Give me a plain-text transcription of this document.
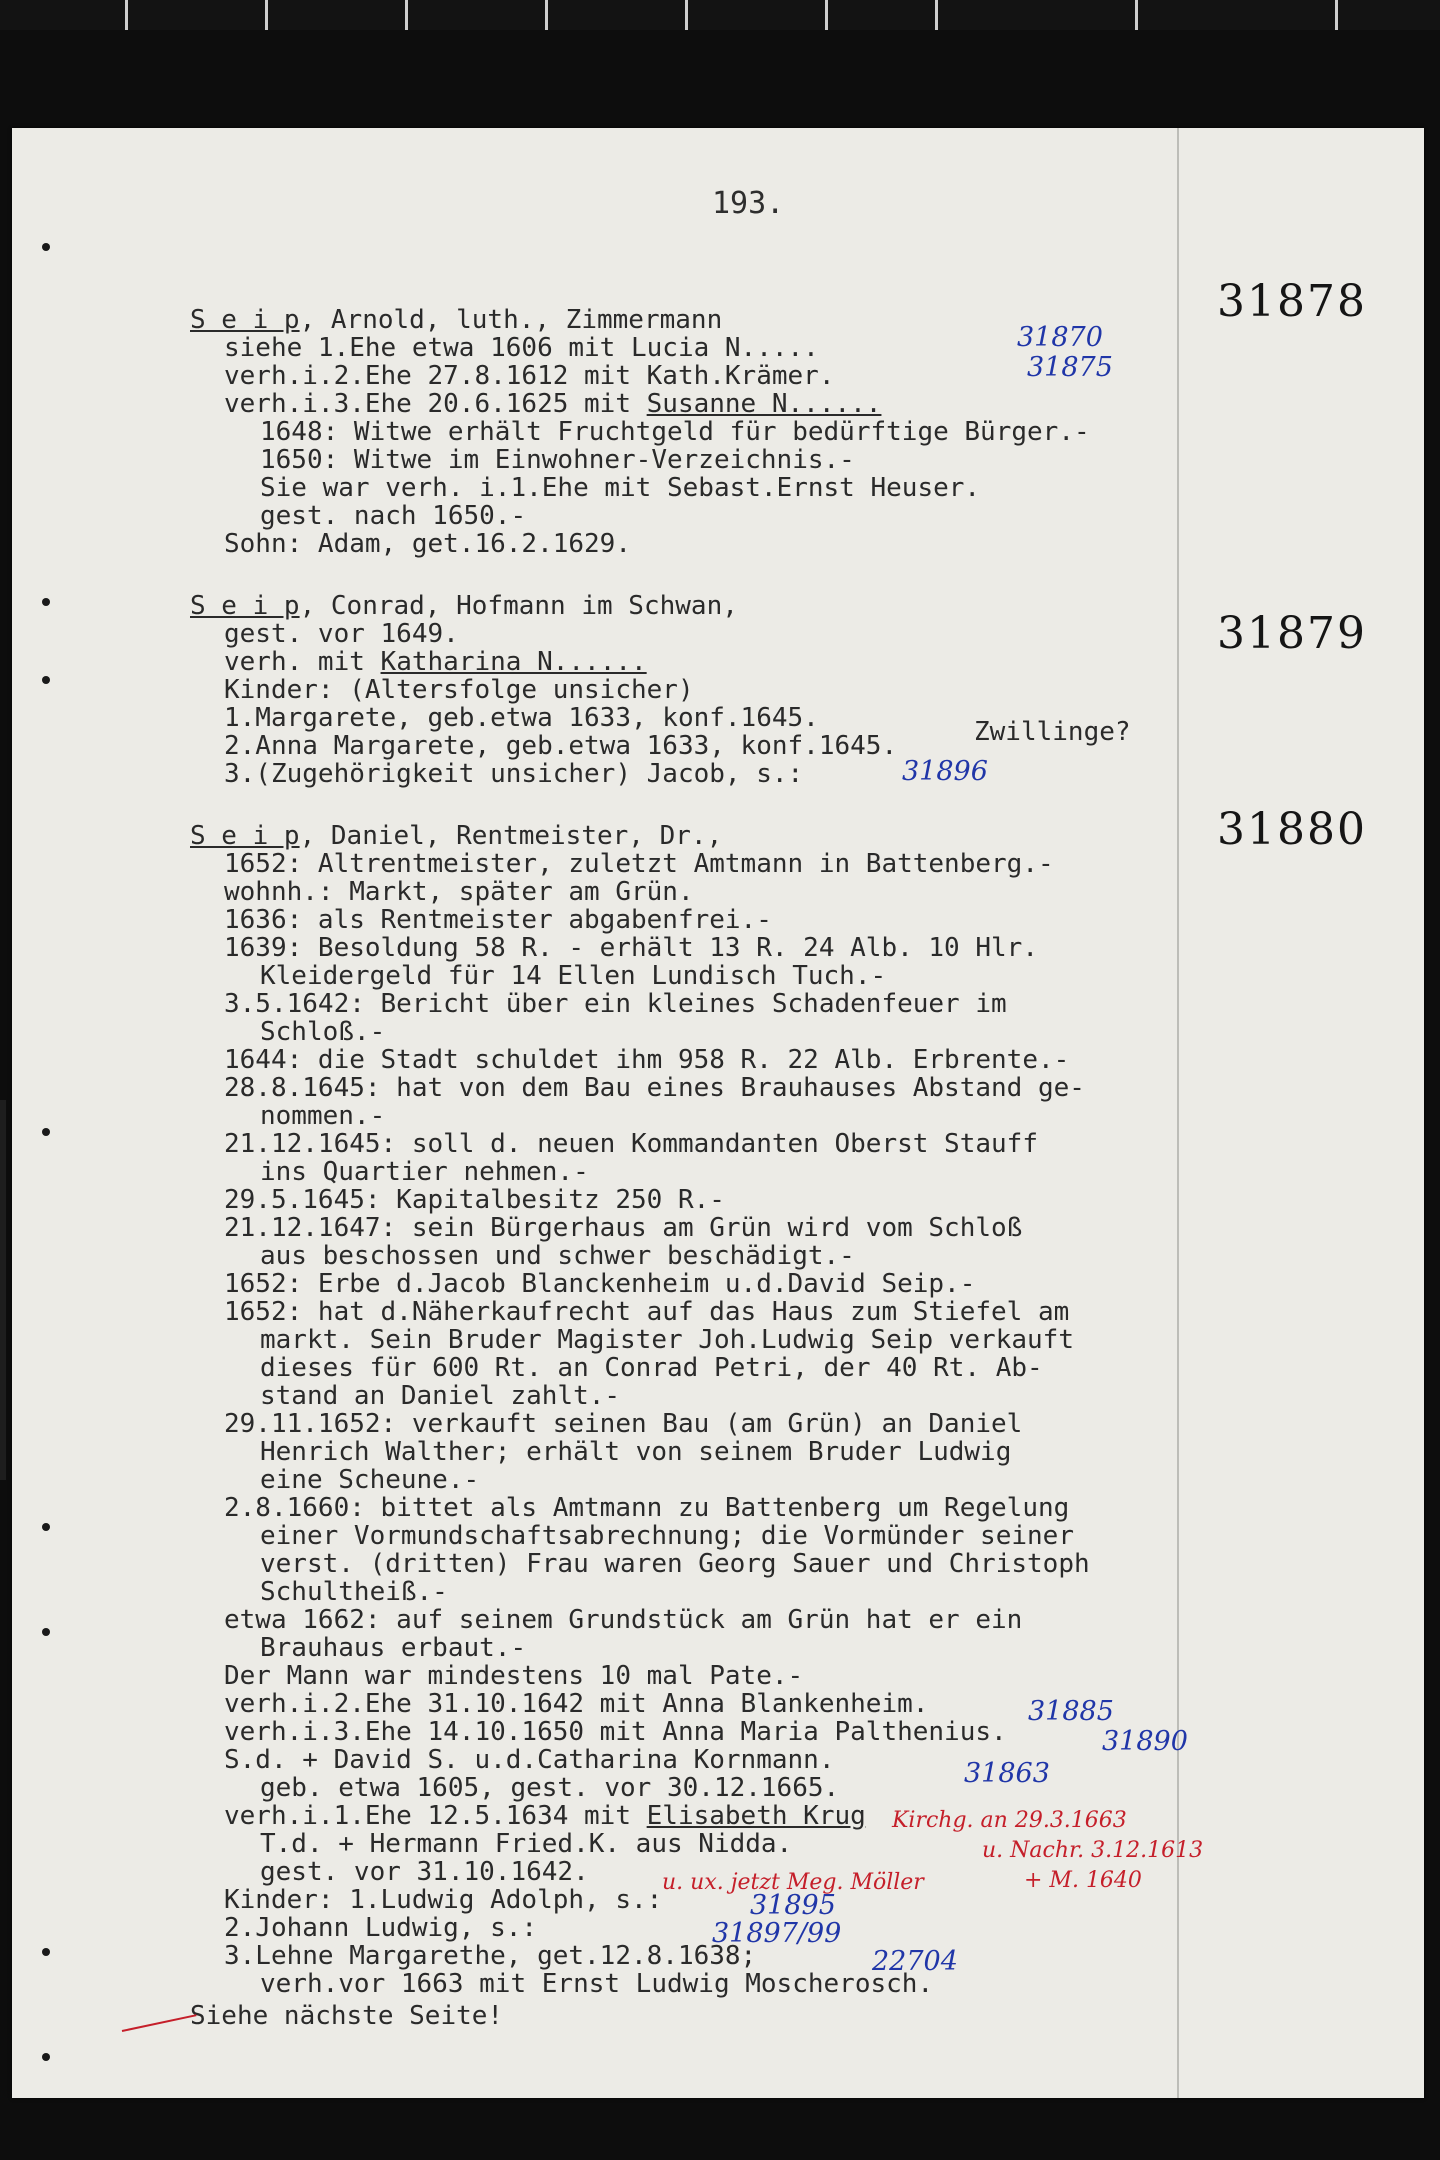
193.
31878
31879
31880
S e i p, Arnold, luth., Zimmermann
siehe 1.Ehe etwa 1606 mit Lucia N.....
verh.i.2.Ehe 27.8.1612 mit Kath.Krämer.
verh.i.3.Ehe 20.6.1625 mit Susanne N......
1648: Witwe erhält Fruchtgeld für bedürftige Bürger.-
1650: Witwe im Einwohner-Verzeichnis.-
Sie war verh. i.1.Ehe mit Sebast.Ernst Heuser.
gest. nach 1650.-
Sohn: Adam, get.16.2.1629.
S e i p, Conrad, Hofmann im Schwan,
gest. vor 1649.
verh. mit Katharina N......
Kinder: (Altersfolge unsicher)
1.Margarete, geb.etwa 1633, konf.1645.
2.Anna Margarete, geb.etwa 1633, konf.1645.	Zwillinge?
3.(Zugehörigkeit unsicher) Jacob, s.:
S e i p, Daniel, Rentmeister, Dr.,
1652: Altrentmeister, zuletzt Amtmann in Battenberg.-
wohnh.: Markt, später am Grün.
1636: als Rentmeister abgabenfrei.-
1639: Besoldung 58 R. - erhält 13 R. 24 Alb. 10 Hlr.
Kleidergeld für 14 Ellen Lundisch Tuch.-
3.5.1642: Bericht über ein kleines Schadenfeuer im
Schloß.-
1644: die Stadt schuldet ihm 958 R. 22 Alb. Erbrente.-
28.8.1645: hat von dem Bau eines Brauhauses Abstand ge-
nommen.-
21.12.1645: soll d. neuen Kommandanten Oberst Stauff
ins Quartier nehmen.-
29.5.1645: Kapitalbesitz 250 R.-
21.12.1647: sein Bürgerhaus am Grün wird vom Schloß
aus beschossen und schwer beschädigt.-
1652: Erbe d.Jacob Blanckenheim u.d.David Seip.-
1652: hat d.Näherkaufrecht auf das Haus zum Stiefel am
markt. Sein Bruder Magister Joh.Ludwig Seip verkauft
dieses für 600 Rt. an Conrad Petri, der 40 Rt. Ab-
stand an Daniel zahlt.-
29.11.1652: verkauft seinen Bau (am Grün) an Daniel
Henrich Walther; erhält von seinem Bruder Ludwig
eine Scheune.-
2.8.1660: bittet als Amtmann zu Battenberg um Regelung
einer Vormundschaftsabrechnung; die Vormünder seiner
verst. (dritten) Frau waren Georg Sauer und Christoph
Schultheiß.-
etwa 1662: auf seinem Grundstück am Grün hat er ein
Brauhaus erbaut.-
Der Mann war mindestens 10 mal Pate.-
verh.i.2.Ehe 31.10.1642 mit Anna Blankenheim.
verh.i.3.Ehe 14.10.1650 mit Anna Maria Palthenius.
S.d. + David S. u.d.Catharina Kornmann.
geb. etwa 1605, gest. vor 30.12.1665.
verh.i.1.Ehe 12.5.1634 mit Elisabeth Krug
T.d. + Hermann Fried.K. aus Nidda.
gest. vor 31.10.1642.
Kinder: 1.Ludwig Adolph, s.:
2.Johann Ludwig, s.:
3.Lehne Margarethe, get.12.8.1638;
verh.vor 1663 mit Ernst Ludwig Moscherosch.
Siehe nächste Seite!
31870
31875
31896
31885
31890
31863
31895
31897/99
22704
Kirchg. an 29.3.1663
u. Nachr. 3.12.1613
u. ux. jetzt Meg. Möller	+ M. 1640
